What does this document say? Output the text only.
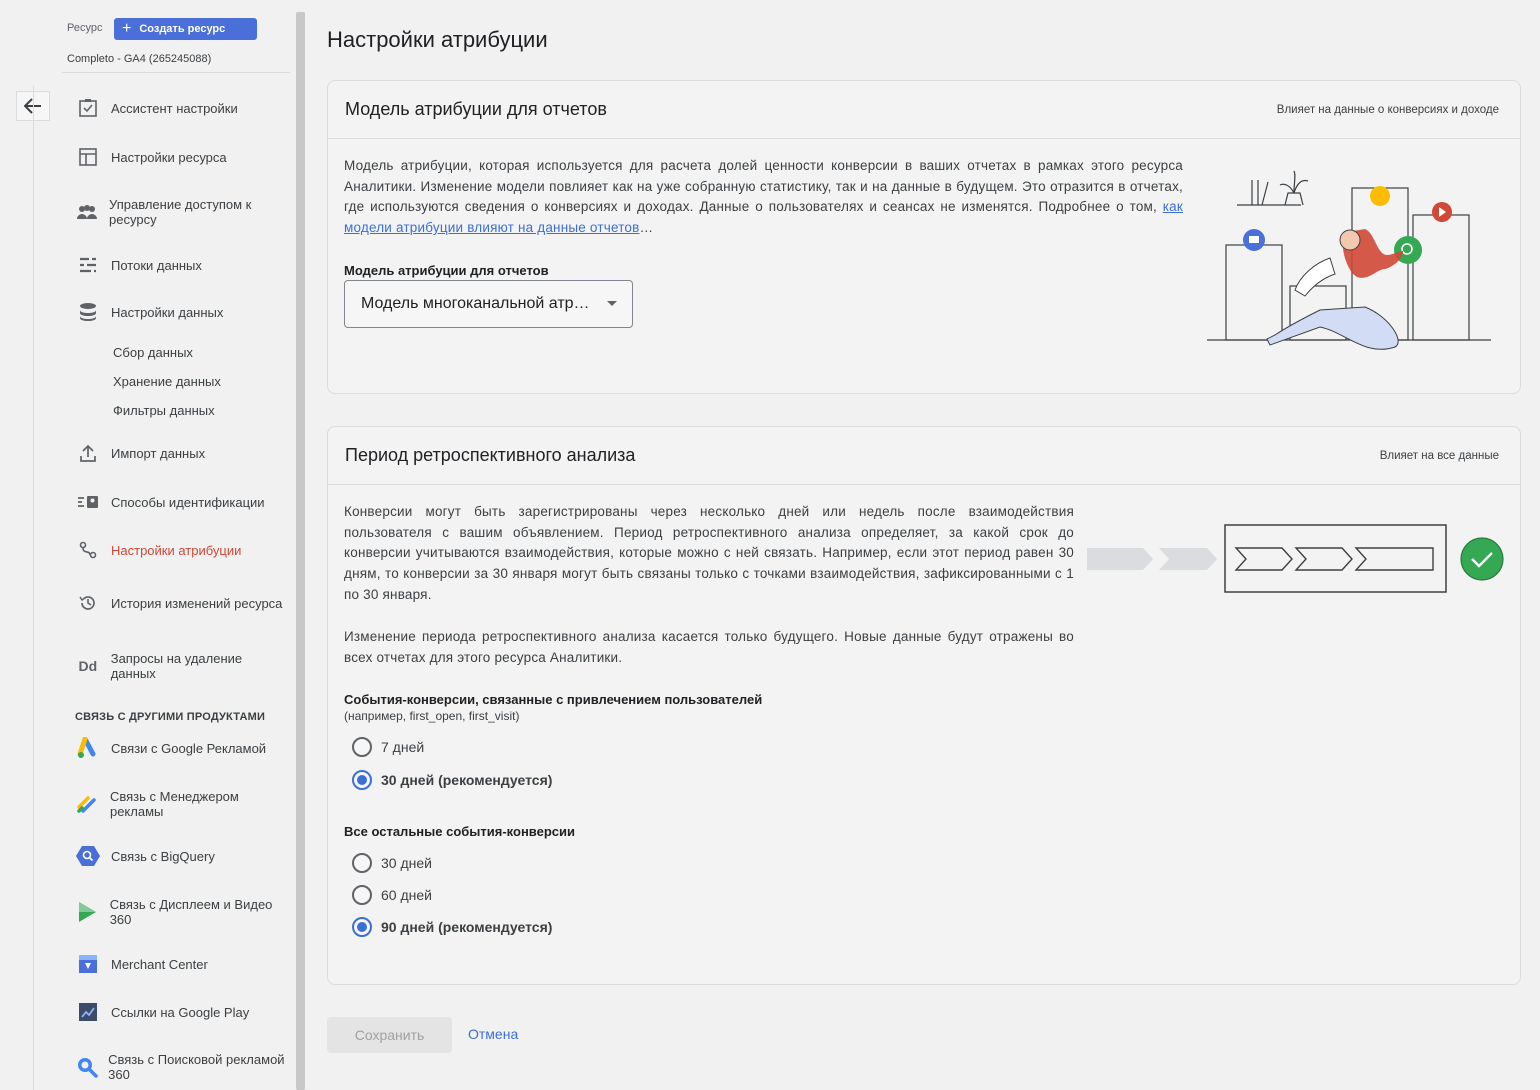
Ресурс + Создать ресурс
Completo - GA4 (265245088)
Ассистент настройки
Настройки ресурса
Управление доступом к ресурсу
Потоки данных
Настройки данных
Сбор данных
Хранение данных
Фильтры данных
Импорт данных
Способы идентификации
Настройки атрибуции
История изменений ресурса
Dd	Запросы на удаление данных
СВЯЗЬ С ДРУГИМИ ПРОДУКТАМИ
Связи с Google Рекламой
Связь с Менеджером рекламы
Связь с BigQuery
Связь с Дисплеем и Видео 360
Merchant Center
Ссылки на Google Play
Связь с Поисковой рекламой 360
Настройки атрибуции
Модель атрибуции для отчетов	Влияет на данные о конверсиях и доходе
Модель атрибуции, которая используется для расчета долей ценности конверсии в ваших отчетах в рамках этого ресурса Аналитики. Изменение модели повлияет как на уже собранную статистику, так и на данные в будущем. Это отразится в отчетах, где используются сведения о конверсиях и доходах. Данные о пользователях и сеансах не изменятся. Подробнее о том, как модели атрибуции влияют на данные отчетов…
Модель атрибуции для отчетов
Модель многоканальной атр…
Период ретроспективного анализа	Влияет на все данные
Конверсии могут быть зарегистрированы через несколько дней или недель после взаимодействия пользователя с вашим объявлением. Период ретроспективного анализа определяет, за какой срок до конверсии учитываются взаимодействия, которые можно с ней связать. Например, если этот период равен 30 дням, то конверсии за 30 января могут быть связаны только с точками взаимодействия, зафиксированными с 1 по 30 января.
Изменение периода ретроспективного анализа касается только будущего. Новые данные будут отражены во всех отчетах для этого ресурса Аналитики.
События-конверсии, связанные с привлечением пользователей
(например, first_open, first_visit)
7 дней
30 дней (рекомендуется)
Все остальные события-конверсии
30 дней
60 дней
90 дней (рекомендуется)
Сохранить	Отмена
